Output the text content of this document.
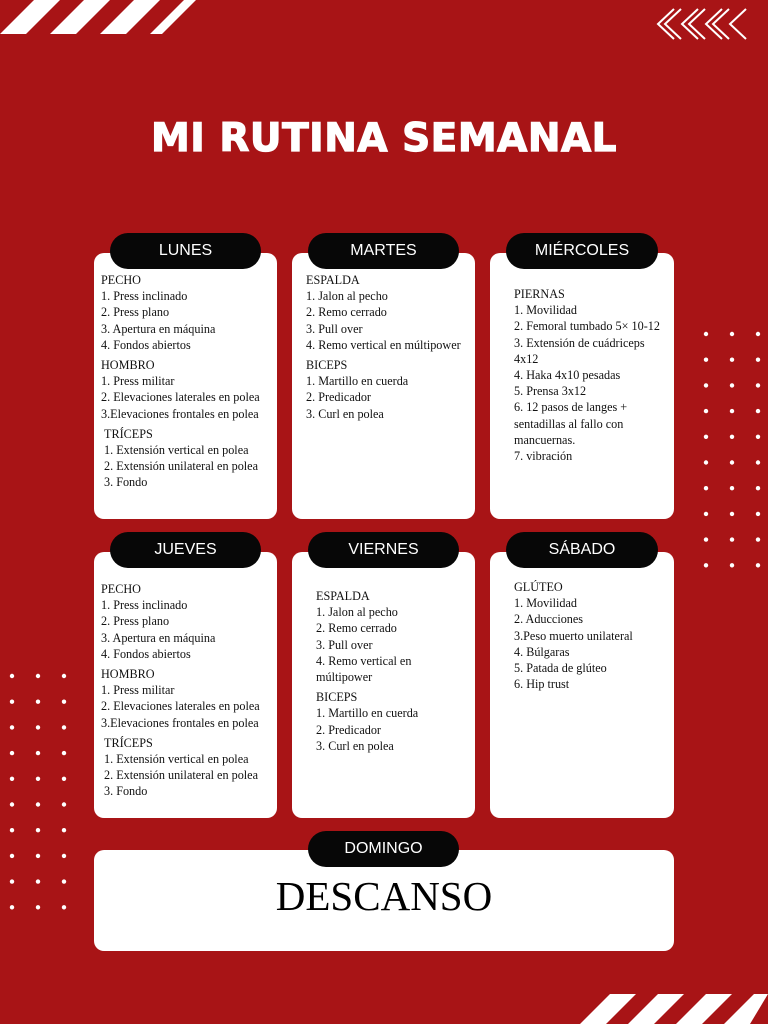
MI RUTINA SEMANAL
LUNES	MARTES	MIÉRCOLES
JUEVES	VIERNES	SÁBADO
DOMINGO

PECHO

1. Press inclinado

2. Press plano

3. Apertura en máquina

4. Fondos abiertos

HOMBRO

1. Press militar

2. Elevaciones laterales en polea

3.Elevaciones frontales en polea

TRÍCEPS

1. Extensión vertical en polea

2. Extensión unilateral en polea

3. Fondo

ESPALDA

1. Jalon al pecho

2. Remo cerrado

3. Pull over

4. Remo vertical en múltipower

BICEPS

1. Martillo en cuerda

2. Predicador

3. Curl en polea

PIERNAS

1. Movilidad

2. Femoral tumbado 5× 10-12

3. Extensión de cuádriceps 4x12

4. Haka 4x10 pesadas

5. Prensa 3x12

6. 12 pasos de langes + sentadillas al fallo con mancuernas.

7. vibración

PECHO

1. Press inclinado

2. Press plano

3. Apertura en máquina

4. Fondos abiertos

HOMBRO

1. Press militar

2. Elevaciones laterales en polea

3.Elevaciones frontales en polea

TRÍCEPS

1. Extensión vertical en polea

2. Extensión unilateral en polea

3. Fondo

ESPALDA

1. Jalon al pecho

2. Remo cerrado

3. Pull over

4. Remo vertical en múltipower

BICEPS

1. Martillo en cuerda

2. Predicador

3. Curl en polea

GLÚTEO

1. Movilidad

2. Aducciones

3.Peso muerto unilateral

4. Búlgaras

5. Patada de glúteo

6. Hip trust

DESCANSO
